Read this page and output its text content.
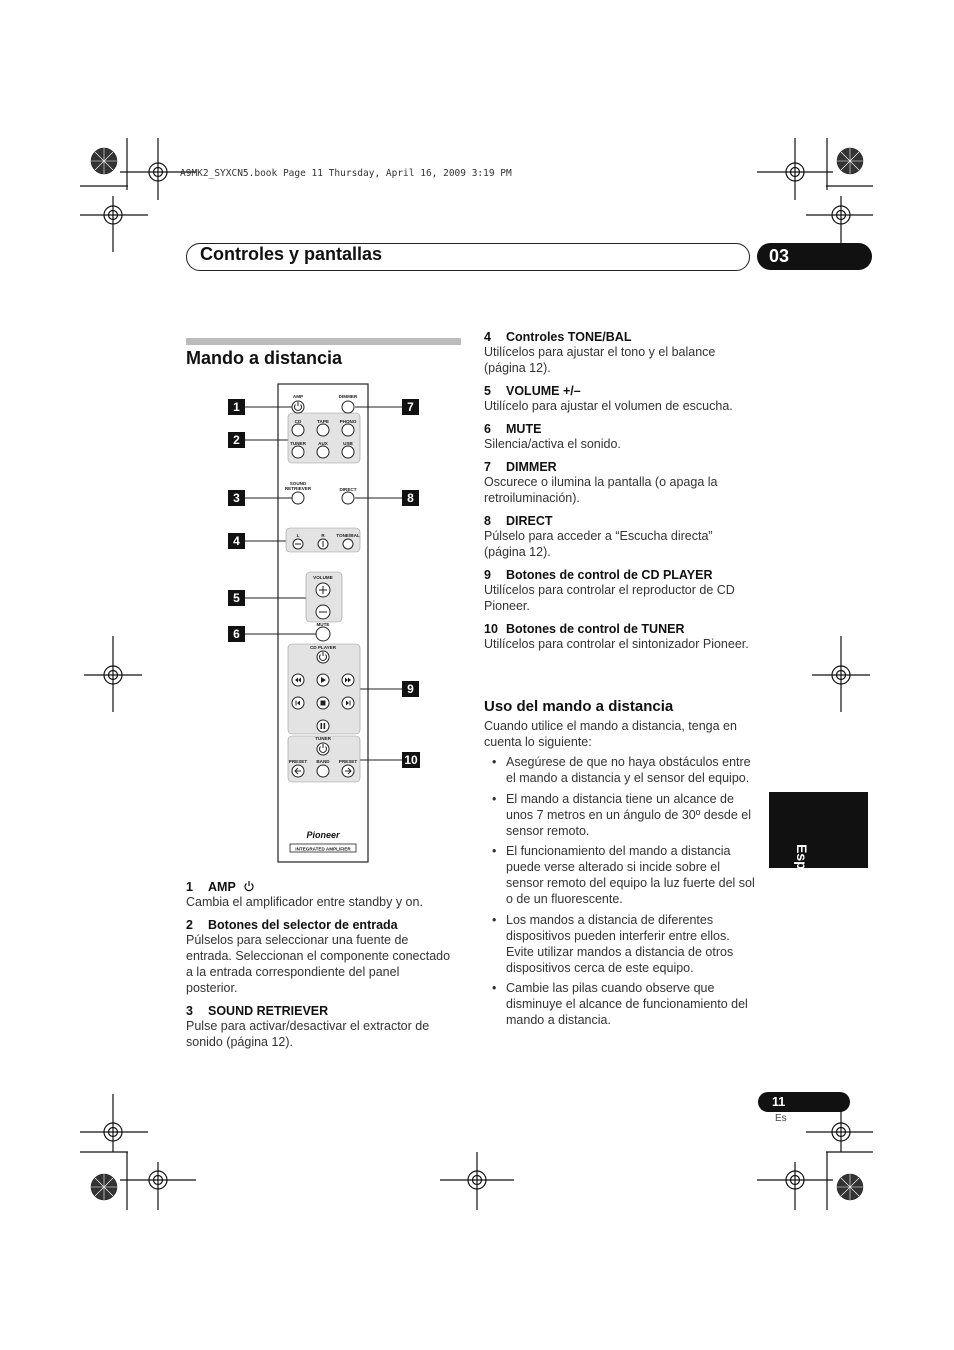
A9MK2_SYXCN5.book Page 11 Thursday, April 16, 2009 3:19 PM
Controles y pantallas	03
Mando a distancia
AMP	DIMMER
CD	TAPE PHONO
TUNER	AUX	USB
SOUND
RETRIEVER	DIRECT
L	R	TONE/BAL
VOLUME
MUTE
CD PLAYER
TUNER
PRESET BAND PRESET
Pioneer
INTEGRATED AMPLIFIER
1
2
3
4
5
6
7
8
9
10
1 AMP
Cambia el amplificador entre standby y on.
2 Botones del selector de entrada
Púlselos para seleccionar una fuente de entrada. Seleccionan el componente conectado a la entrada correspondiente del panel posterior.
3 SOUND RETRIEVER
Pulse para activar/desactivar el extractor de sonido (página 12).
4 Controles TONE/BAL
Utilícelos para ajustar el tono y el balance (página 12).
5 VOLUME +/–
Utilícelo para ajustar el volumen de escucha.
6 MUTE
Silencia/activa el sonido.
7 DIMMER
Oscurece o ilumina la pantalla (o apaga la retroiluminación).
8 DIRECT
Púlselo para acceder a “Escucha directa” (página 12).
9 Botones de control de CD PLAYER
Utilícelos para controlar el reproductor de CD Pioneer.
10 Botones de control de TUNER
Utilícelos para controlar el sintonizador Pioneer.
Uso del mando a distancia
Cuando utilice el mando a distancia, tenga en cuenta lo siguiente:
• Asegúrese de que no haya obstáculos entre el mando a distancia y el sensor del equipo.
• El mando a distancia tiene un alcance de unos 7 metros en un ángulo de 30º desde el sensor remoto.
• El funcionamiento del mando a distancia puede verse alterado si incide sobre el sensor remoto del equipo la luz fuerte del sol o de un fluorescente.
• Los mandos a distancia de diferentes dispositivos pueden interferir entre ellos. Evite utilizar mandos a distancia de otros dispositivos cerca de este equipo.
• Cambie las pilas cuando observe que disminuye el alcance de funcionamiento del mando a distancia.
Español
11
Es
